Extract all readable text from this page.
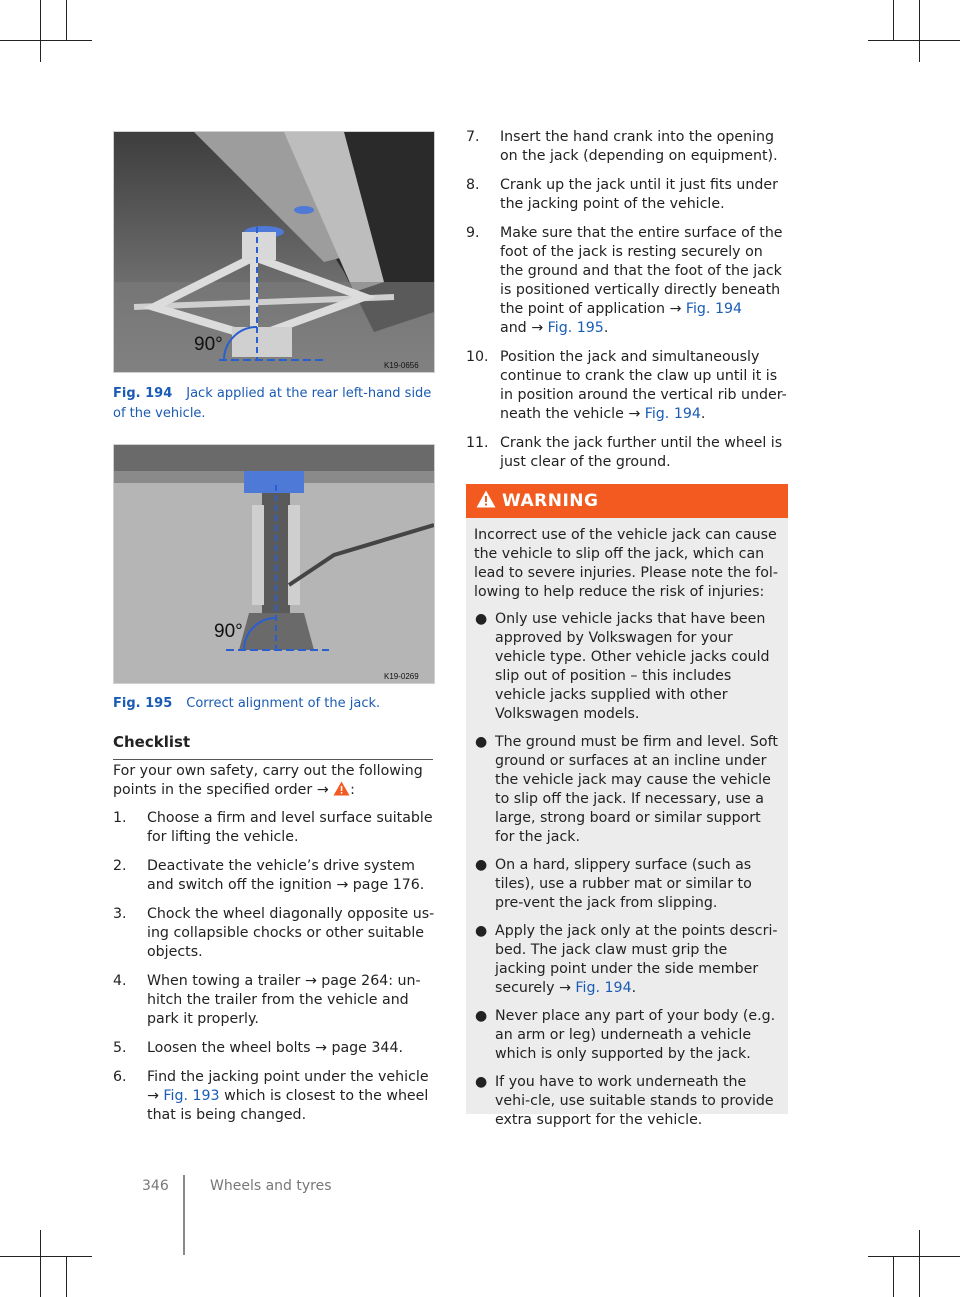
90°
K19-0656
Fig. 194 Jack applied at the rear left-hand side of the vehicle.
90°
K19-0269
Fig. 195 Correct alignment of the jack.
Checklist

For your own safety, carry out the following points in the specified order → :

1.	Choose a firm and level surface suitable for lifting the vehicle.
2.	Deactivate the vehicle’s drive system and switch off the ignition → page 176.
3.	Chock the wheel diagonally opposite us-ing collapsible chocks or other suitable objects.
4.	When towing a trailer → page 264: un-hitch the trailer from the vehicle and park it properly.
5.	Loosen the wheel bolts → page 344.
6.	Find the jacking point under the vehicle → Fig. 193 which is closest to the wheel that is being changed.
7.	Insert the hand crank into the opening on the jack (depending on equipment).
8.	Crank up the jack until it just fits under the jacking point of the vehicle.
9.	Make sure that the entire surface of the foot of the jack is resting securely on the ground and that the foot of the jack is positioned vertically directly beneath the point of application → Fig. 194
and → Fig. 195.
10. Position the jack and simultaneously continue to crank the claw up until it is in position around the vertical rib under-neath the vehicle → Fig. 194.
11. Crank the jack further until the wheel is just clear of the ground.
WARNING

Incorrect use of the vehicle jack can cause the vehicle to slip off the jack, which can lead to severe injuries. Please note the fol-lowing to help reduce the risk of injuries:

● Only use vehicle jacks that have been approved by Volkswagen for your vehicle type. Other vehicle jacks could slip out of position – this includes vehicle jacks supplied with other Volkswagen models.
● The ground must be firm and level. Soft ground or surfaces at an incline under the vehicle jack may cause the vehicle to slip off the jack. If necessary, use a large, strong board or similar support for the jack.
● On a hard, slippery surface (such as tiles), use a rubber mat or similar to pre-vent the jack from slipping.
● Apply the jack only at the points descri-bed. The jack claw must grip the jacking point under the side member securely → Fig. 194.
● Never place any part of your body (e.g. an arm or leg) underneath a vehicle which is only supported by the jack.
● If you have to work underneath the vehi-cle, use suitable stands to provide extra support for the vehicle.
346	Wheels and tyres
